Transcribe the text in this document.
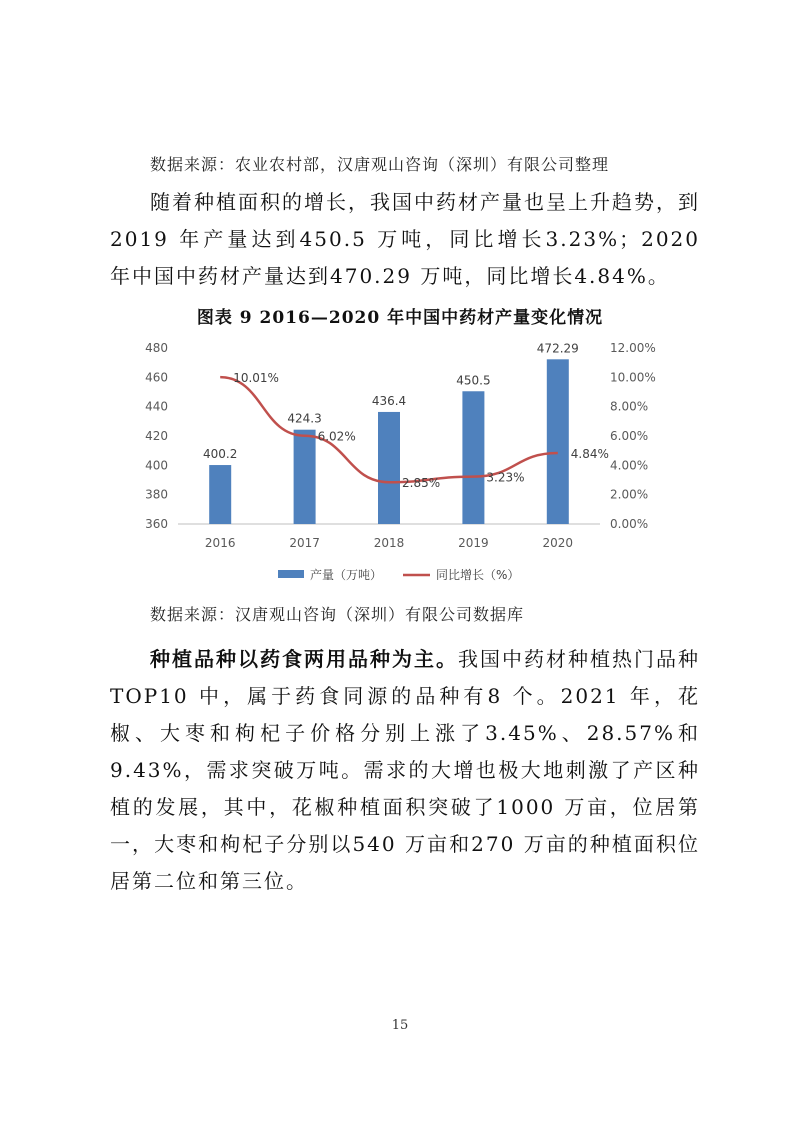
数据来源：农业农村部，汉唐观山咨询（深圳）有限公司整理

随着种植面积的增长，我国中药材产量也呈上升趋势，到2019 年产量达到450.5 万吨，同比增长3.23%；2020 年中国中药材产量达到470.29 万吨，同比增长4.84%。

图表 9 2016—2020 年中国中药材产量变化情况
360
380
400
420
440
460
480
0.00%
2.00%
4.00%
6.00%
8.00%
10.00%
12.00%
400.2
424.3
436.4
450.5
472.29
2016	2017	2018	2019	2020
10.01%
6.02%
2.85%	3.23%
4.84%
产量（万吨）	同比增长（%）
数据来源：汉唐观山咨询（深圳）有限公司数据库

种植品种以药食两用品种为主。我国中药材种植热门品种TOP10 中，属于药食同源的品种有8 个。2021 年，花椒、大枣和枸杞子价格分别上涨了3.45%、28.57%和9.43%，需求突破万吨。需求的大增也极大地刺激了产区种植的发展，其中，花椒种植面积突破了1000 万亩，位居第一，大枣和枸杞子分别以540 万亩和270 万亩的种植面积位居第二位和第三位。

15
